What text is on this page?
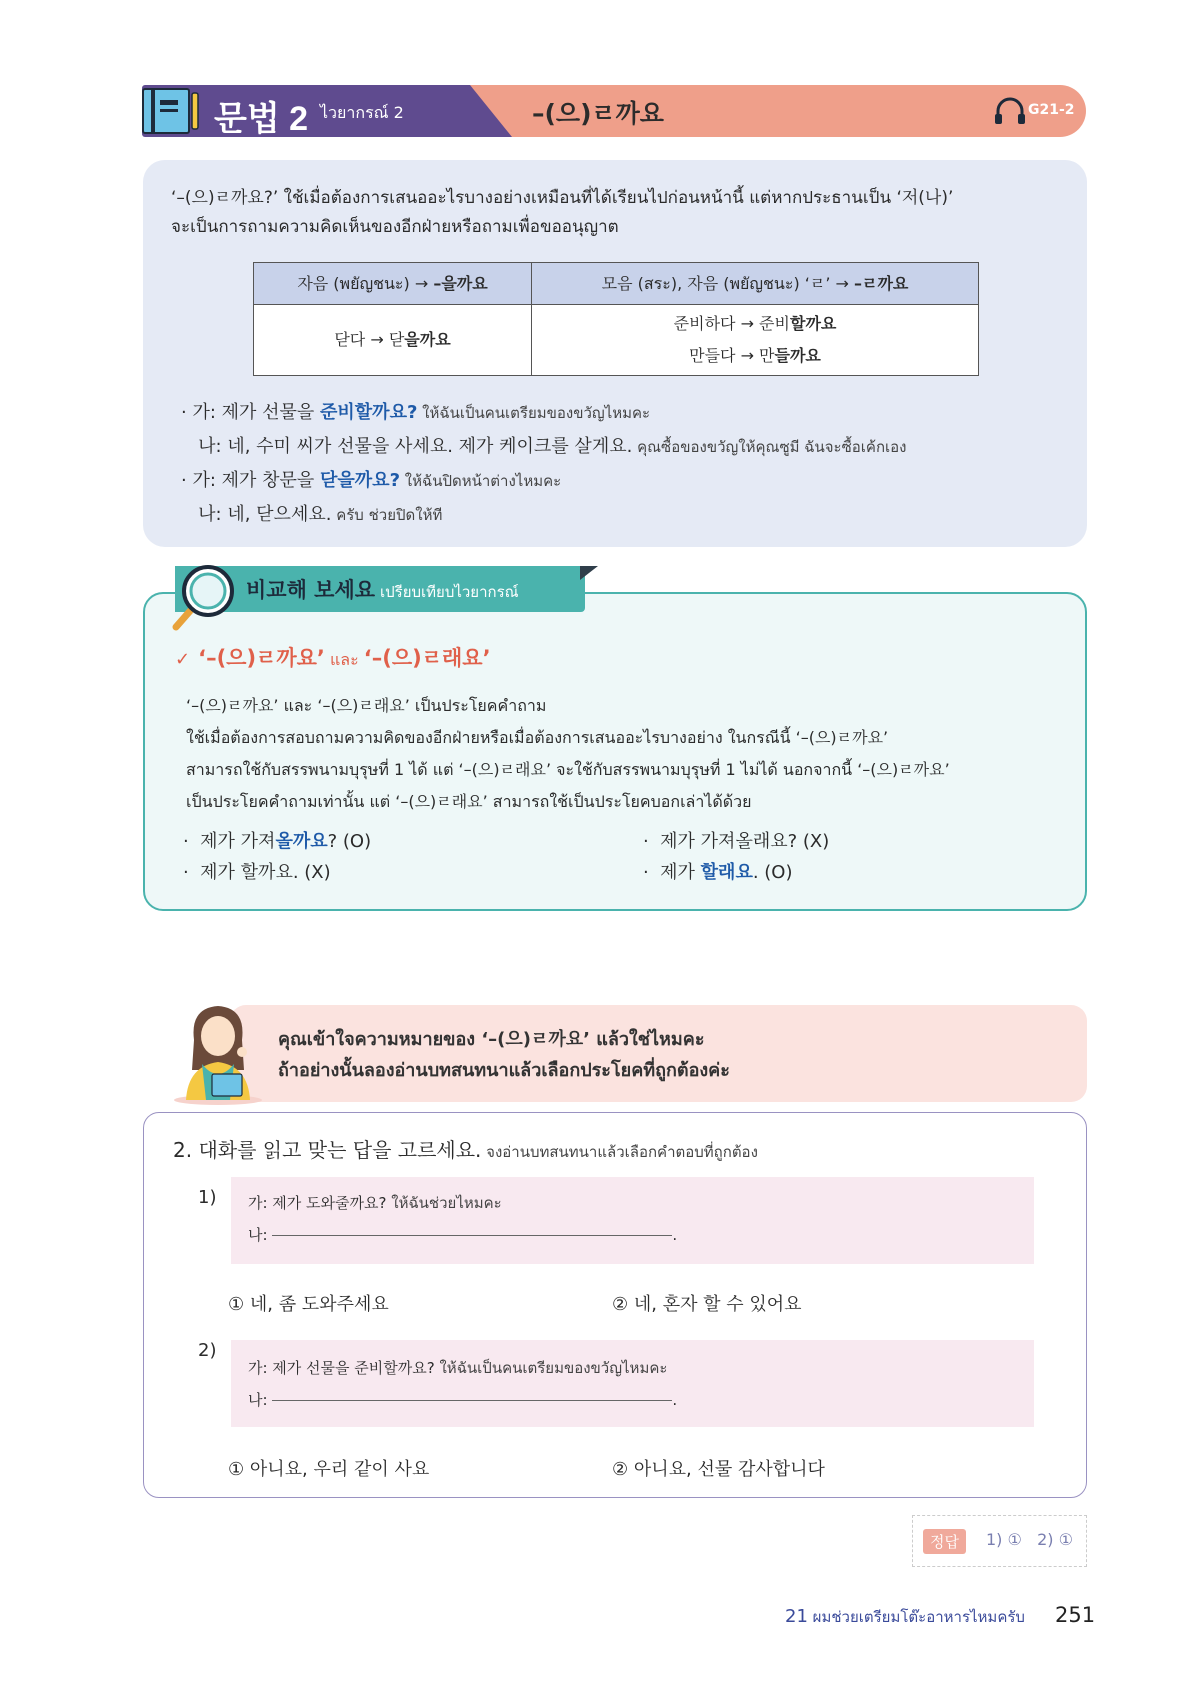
문법 2 ไวยากรณ์ 2	–(으)ㄹ까요	G21-2
‘–(으)ㄹ까요?’ ใช้เมื่อต้องการเสนออะไรบางอย่างเหมือนที่ได้เรียนไปก่อนหน้านี้ แต่หากประธานเป็น ‘저(나)’
จะเป็นการถามความคิดเห็นของอีกฝ่ายหรือถามเพื่อขออนุญาต
자음 (พยัญชนะ) → –을까요	모음 (สระ), 자음 (พยัญชนะ) ‘ㄹ’ → –ㄹ까요
닫다 → 닫을까요	준비하다 → 준비할까요
만들다 → 만들까요
· 가: 제가 선물을 준비할까요? ให้ฉันเป็นคนเตรียมของขวัญไหมคะ
나: 네, 수미 씨가 선물을 사세요. 제가 케이크를 살게요. คุณซื้อของขวัญให้คุณซูมี ฉันจะซื้อเค้กเอง
· 가: 제가 창문을 닫을까요? ให้ฉันปิดหน้าต่างไหมคะ
나: 네, 닫으세요. ครับ ช่วยปิดให้ที
비교해 보세요 เปรียบเทียบไวยากรณ์
✓ ‘–(으)ㄹ까요’ และ ‘–(으)ㄹ래요’
‘–(으)ㄹ까요’ และ ‘–(으)ㄹ래요’ เป็นประโยคคำถาม
ใช้เมื่อต้องการสอบถามความคิดของอีกฝ่ายหรือเมื่อต้องการเสนออะไรบางอย่าง ในกรณีนี้ ‘–(으)ㄹ까요’
สามารถใช้กับสรรพนามบุรุษที่ 1 ได้ แต่ ‘–(으)ㄹ래요’ จะใช้กับสรรพนามบุรุษที่ 1 ไม่ได้ นอกจากนี้ ‘–(으)ㄹ까요’
เป็นประโยคคำถามเท่านั้น แต่ ‘–(으)ㄹ래요’ สามารถใช้เป็นประโยคบอกเล่าได้ด้วย
·  제가 가져올까요? (O)
·  제가 할까요. (X)
·  제가 가져올래요? (X)
·  제가 할래요. (O)
คุณเข้าใจความหมายของ ‘–(으)ㄹ까요’ แล้วใช่ไหมคะ
ถ้าอย่างนั้นลองอ่านบทสนทนาแล้วเลือกประโยคที่ถูกต้องค่ะ
2. 대화를 읽고 맞는 답을 고르세요. จงอ่านบทสนทนาแล้วเลือกคำตอบที่ถูกต้อง
1) 가: 제가 도와줄까요? ให้ฉันช่วยไหมคะ
나:	.
① 네, 좀 도와주세요	② 네, 혼자 할 수 있어요
2)
가: 제가 선물을 준비할까요? ให้ฉันเป็นคนเตรียมของขวัญไหมคะ
나:	.
① 아니요, 우리 같이 사요	② 아니요, 선물 감사합니다
정답	1) ①   2) ①
21 ผมช่วยเตรียมโต๊ะอาหารไหมครับ 251
